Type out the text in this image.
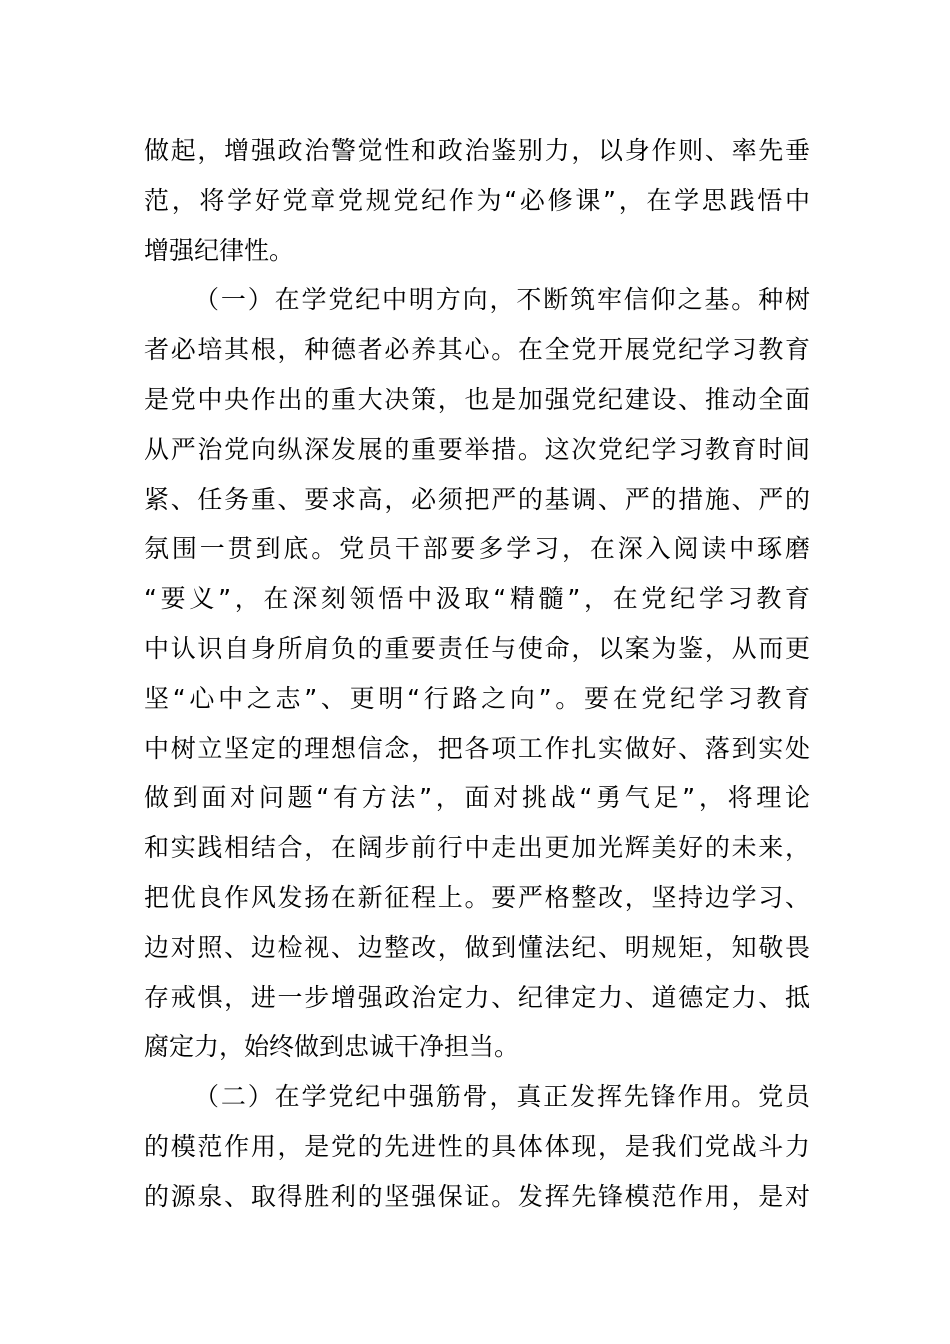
做起，增强政治警觉性和政治鉴别力，以身作则、率先垂
范，将学好党章党规党纪作为“必修课”，在学思践悟中
增强纪律性。
（一）在学党纪中明方向，不断筑牢信仰之基。种树
者必培其根，种德者必养其心。在全党开展党纪学习教育
是党中央作出的重大决策，也是加强党纪建设、推动全面
从严治党向纵深发展的重要举措。这次党纪学习教育时间
紧、任务重、要求高，必须把严的基调、严的措施、严的
氛围一贯到底。党员干部要多学习，在深入阅读中琢磨
“要义”，在深刻领悟中汲取“精髓”，在党纪学习教育
中认识自身所肩负的重要责任与使命，以案为鉴，从而更
坚“心中之志”、更明“行路之向”。要在党纪学习教育
中树立坚定的理想信念，把各项工作扎实做好、落到实处
做到面对问题“有方法”，面对挑战“勇气足”，将理论
和实践相结合，在阔步前行中走出更加光辉美好的未来，
把优良作风发扬在新征程上。要严格整改，坚持边学习、
边对照、边检视、边整改，做到懂法纪、明规矩，知敬畏
存戒惧，进一步增强政治定力、纪律定力、道德定力、抵
腐定力，始终做到忠诚干净担当。
（二）在学党纪中强筋骨，真正发挥先锋作用。党员
的模范作用，是党的先进性的具体体现，是我们党战斗力
的源泉、取得胜利的坚强保证。发挥先锋模范作用，是对
